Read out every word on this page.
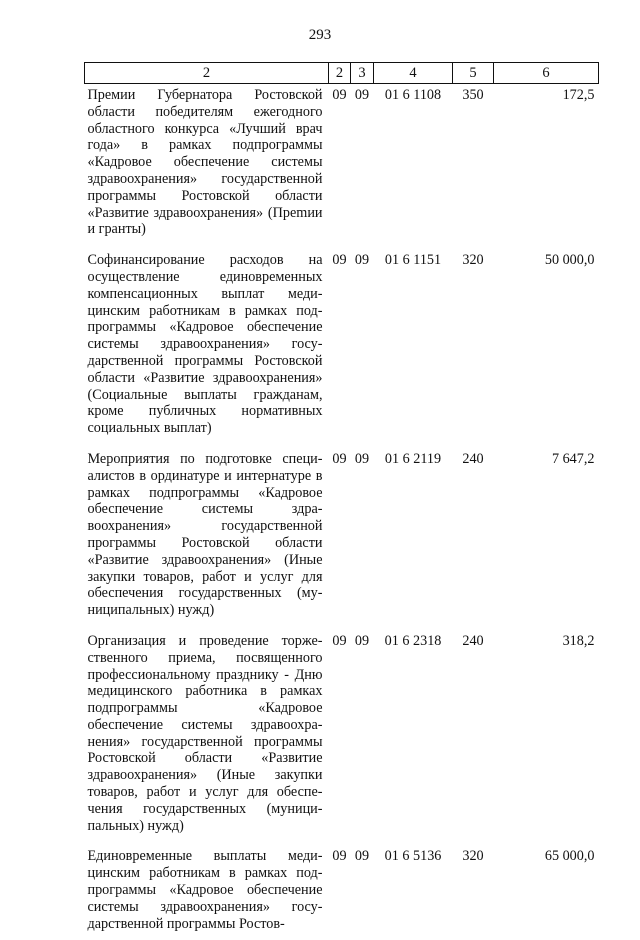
293
2	2	3	4	5	6
Премии Губернатора Ростовской области победителям ежегодного областного конкурса «Лучший врач года» в рамках подпрограммы «Кадровое обеспечение системы здравоохранения» государственной программы Ростовской области «Развитие здравоохранения» (Преmии и гранты)	09	09	01 6 1108	350	172,5
Софинансирование расходов на осуществление единовременных компенсационных выплат медицинским работникам в рамках подпрограммы «Кадровое обеспечение системы здравоохранения» государственной программы Ростовской области «Развитие здравоохранения» (Социальные выплаты гражданам, кроме публичных нормативных социальных выплат)	09	09	01 6 1151	320	50 000,0
Мероприятия по подготовке специалистов в ординатуре и интернатуре в рамках подпрограммы «Кадровое обеспечение системы здравоохранения» государственной программы Ростовской области «Развитие здравоохранения» (Иные закупки товаров, работ и услуг для обеспечения государственных (муниципальных) нужд)	09	09	01 6 2119	240	7 647,2
Организация и проведение торжественного приема, посвященного профессиональному празднику - Дню медицинского работника в рамках подпрограммы «Кадровое обеспечение системы здравоохранения» государственной программы Ростовской области «Развитие здравоохранения» (Иные закупки товаров, работ и услуг для обеспечения государственных (муниципальных) нужд)	09	09	01 6 2318	240	318,2
Единовременные выплаты медицинским работникам в рамках подпрограммы «Кадровое обеспечение системы здравоохранения» государственной программы Ростов-	09	09	01 6 5136	320	65 000,0
